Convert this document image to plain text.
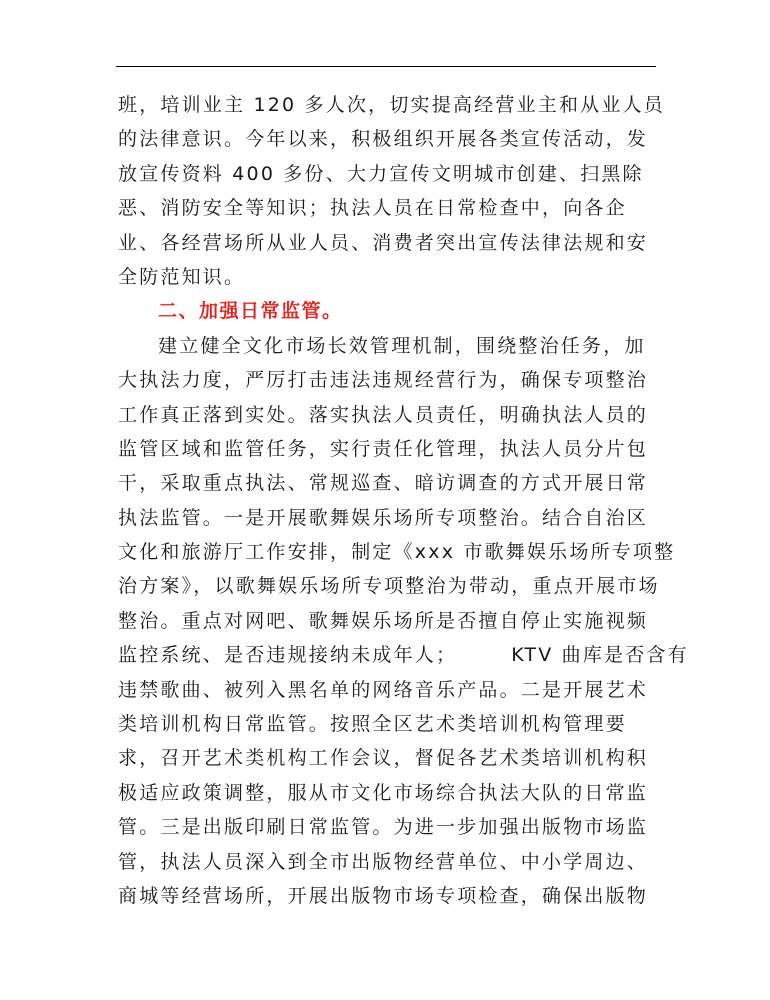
班，培训业主 120 多人次，切实提高经营业主和从业人员
的法律意识。今年以来，积极组织开展各类宣传活动，发
放宣传资料 400 多份、大力宣传文明城市创建、扫黑除
恶、消防安全等知识；执法人员在日常检查中，向各企
业、各经营场所从业人员、消费者突出宣传法律法规和安
全防范知识。
二、加强日常监管。
建立健全文化市场长效管理机制，围绕整治任务，加
大执法力度，严厉打击违法违规经营行为，确保专项整治
工作真正落到实处。落实执法人员责任，明确执法人员的
监管区域和监管任务，实行责任化管理，执法人员分片包
干，采取重点执法、常规巡查、暗访调查的方式开展日常
执法监管。一是开展歌舞娱乐场所专项整治。结合自治区
文化和旅游厅工作安排，制定《xxx 市歌舞娱乐场所专项整
治方案》，以歌舞娱乐场所专项整治为带动，重点开展市场
整治。重点对网吧、歌舞娱乐场所是否擅自停止实施视频
监控系统、是否违规接纳未成年人；	KTV 曲库是否含有
违禁歌曲、被列入黑名单的网络音乐产品。二是开展艺术
类培训机构日常监管。按照全区艺术类培训机构管理要
求，召开艺术类机构工作会议，督促各艺术类培训机构积
极适应政策调整，服从市文化市场综合执法大队的日常监
管。三是出版印刷日常监管。为进一步加强出版物市场监
管，执法人员深入到全市出版物经营单位、中小学周边、
商城等经营场所，开展出版物市场专项检查，确保出版物
